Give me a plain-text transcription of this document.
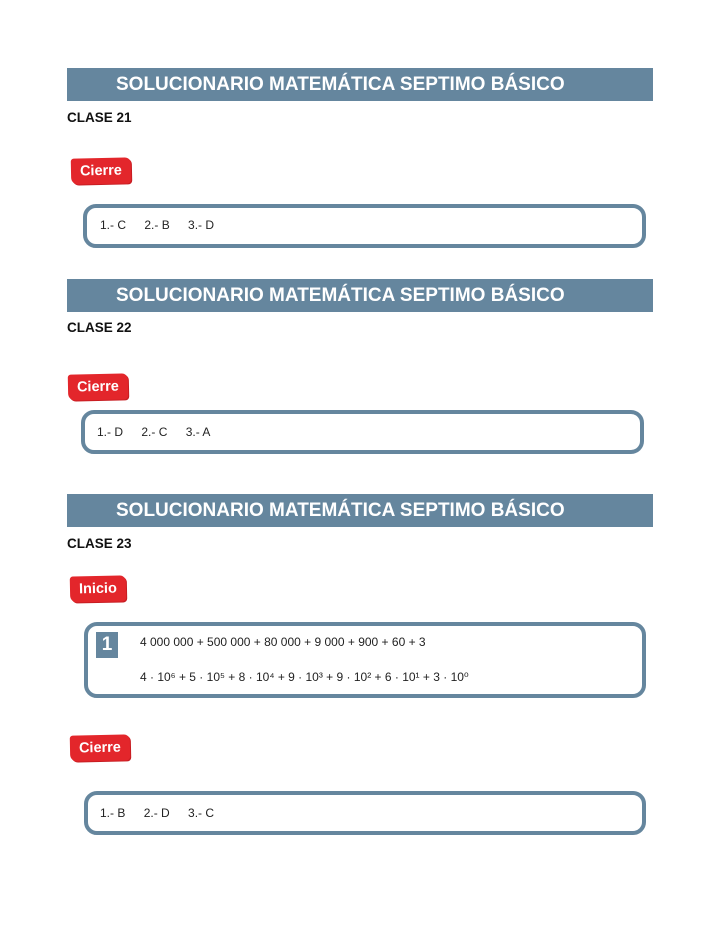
SOLUCIONARIO MATEMÁTICA SEPTIMO BÁSICO
CLASE 21
Cierre
1.- C 2.- B 3.- D
SOLUCIONARIO MATEMÁTICA SEPTIMO BÁSICO
CLASE 22
Cierre
1.- D 2.- C 3.- A
SOLUCIONARIO MATEMÁTICA SEPTIMO BÁSICO
CLASE 23
Inicio
1	4 000 000 + 500 000 + 80 000 + 9 000 + 900 + 60 + 3
4 · 10⁶ + 5 · 10⁵ + 8 · 10⁴ + 9 · 10³ + 9 · 10² + 6 · 10¹ + 3 · 10⁰
Cierre
1.- B 2.- D 3.- C
